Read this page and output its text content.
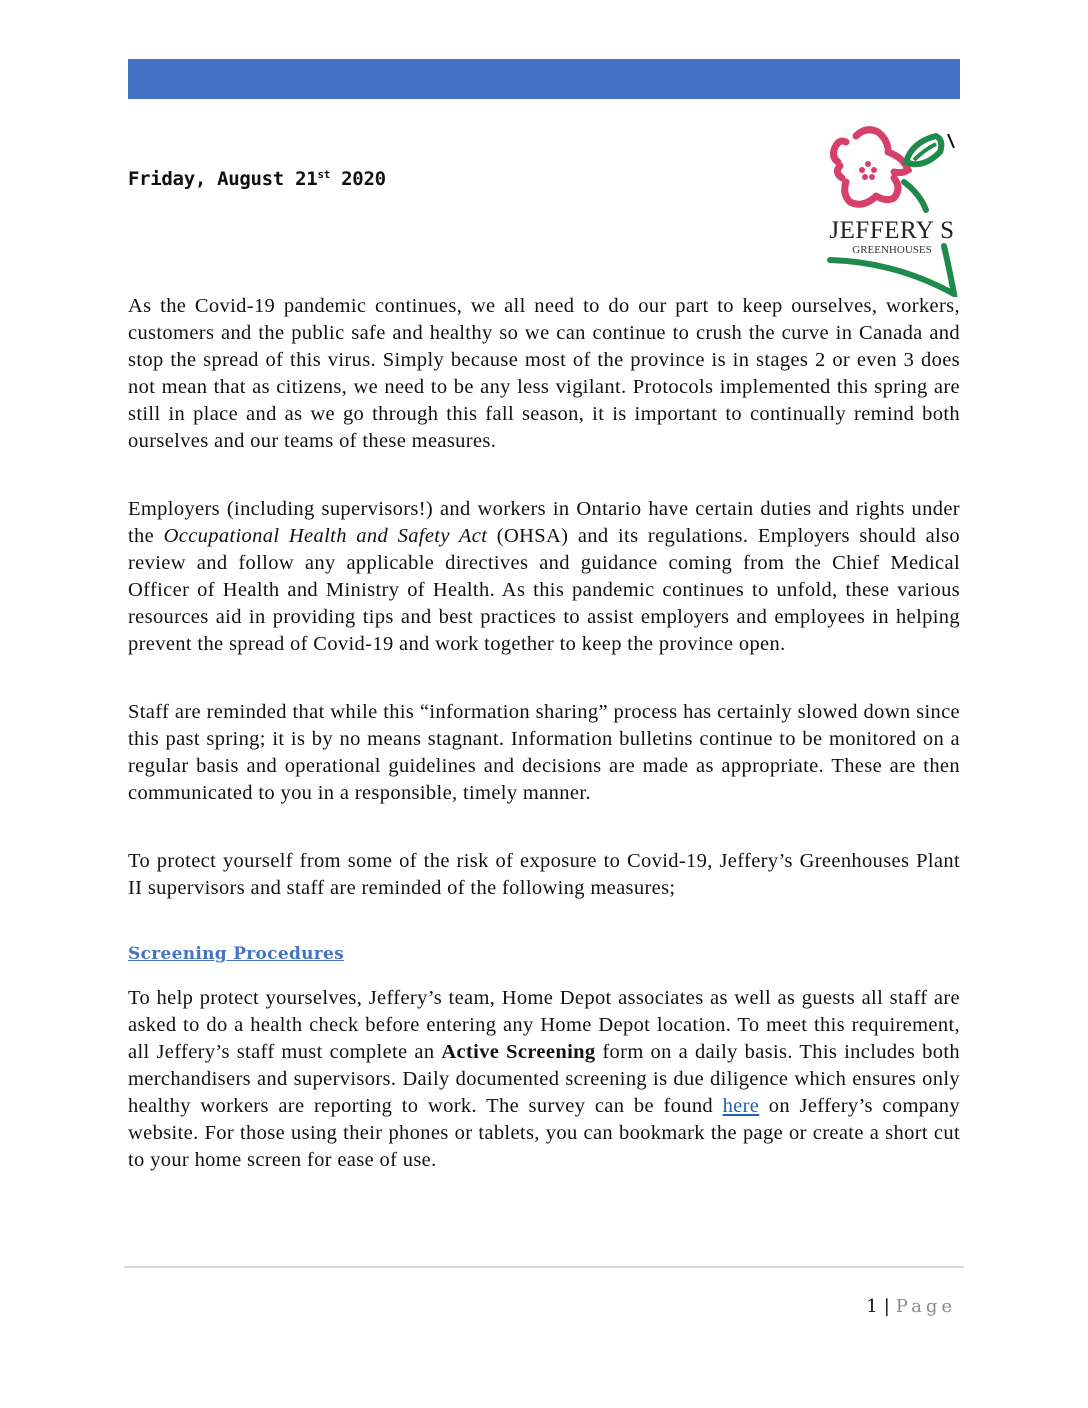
COVID 2019 OPERATING PROCEDURES FOR  GARDEN CENTERS

JEFFERY S
GREENHOUSES
Friday, August 21st 2020

As the Covid-19 pandemic continues, we all need to do our part to keep ourselves, workers, customers and the public safe and healthy so we can continue to crush the curve in Canada and stop the spread of this virus. Simply because most of the province is in stages 2 or even 3 does not mean that as citizens, we need to be any less vigilant. Protocols implemented this spring are still in place and as we go through this fall season, it is important to continually remind both ourselves and our teams of these measures.

Employers (including supervisors!) and workers in Ontario have certain duties and rights under the Occupational Health and Safety Act (OHSA) and its regulations. Employers should also review and follow any applicable directives and guidance coming from the Chief Medical Officer of Health and Ministry of Health. As this pandemic continues to unfold, these various resources aid in providing tips and best practices to assist employers and employees in helping prevent the spread of Covid-19 and work together to keep the province open.

Staff are reminded that while this “information sharing” process has certainly slowed down since this past spring; it is by no means stagnant. Information bulletins continue to be monitored on a regular basis and operational guidelines and decisions are made as appropriate. These are then communicated to you in a responsible, timely manner.

To protect yourself from some of the risk of exposure to Covid-19, Jeffery’s Greenhouses Plant II supervisors and staff are reminded of the following measures;

Screening Procedures

To help protect yourselves, Jeffery’s team, Home Depot associates as well as guests all staff are asked to do a health check before entering any Home Depot location. To meet this requirement, all Jeffery’s staff must complete an Active Screening form on a daily basis. This includes both merchandisers and supervisors. Daily documented screening is due diligence which ensures only healthy workers are reporting to work. The survey can be found here on Jeffery’s company website. For those using their phones or tablets, you can bookmark the page or create a short cut to your home screen for ease of use.

1 | Page
